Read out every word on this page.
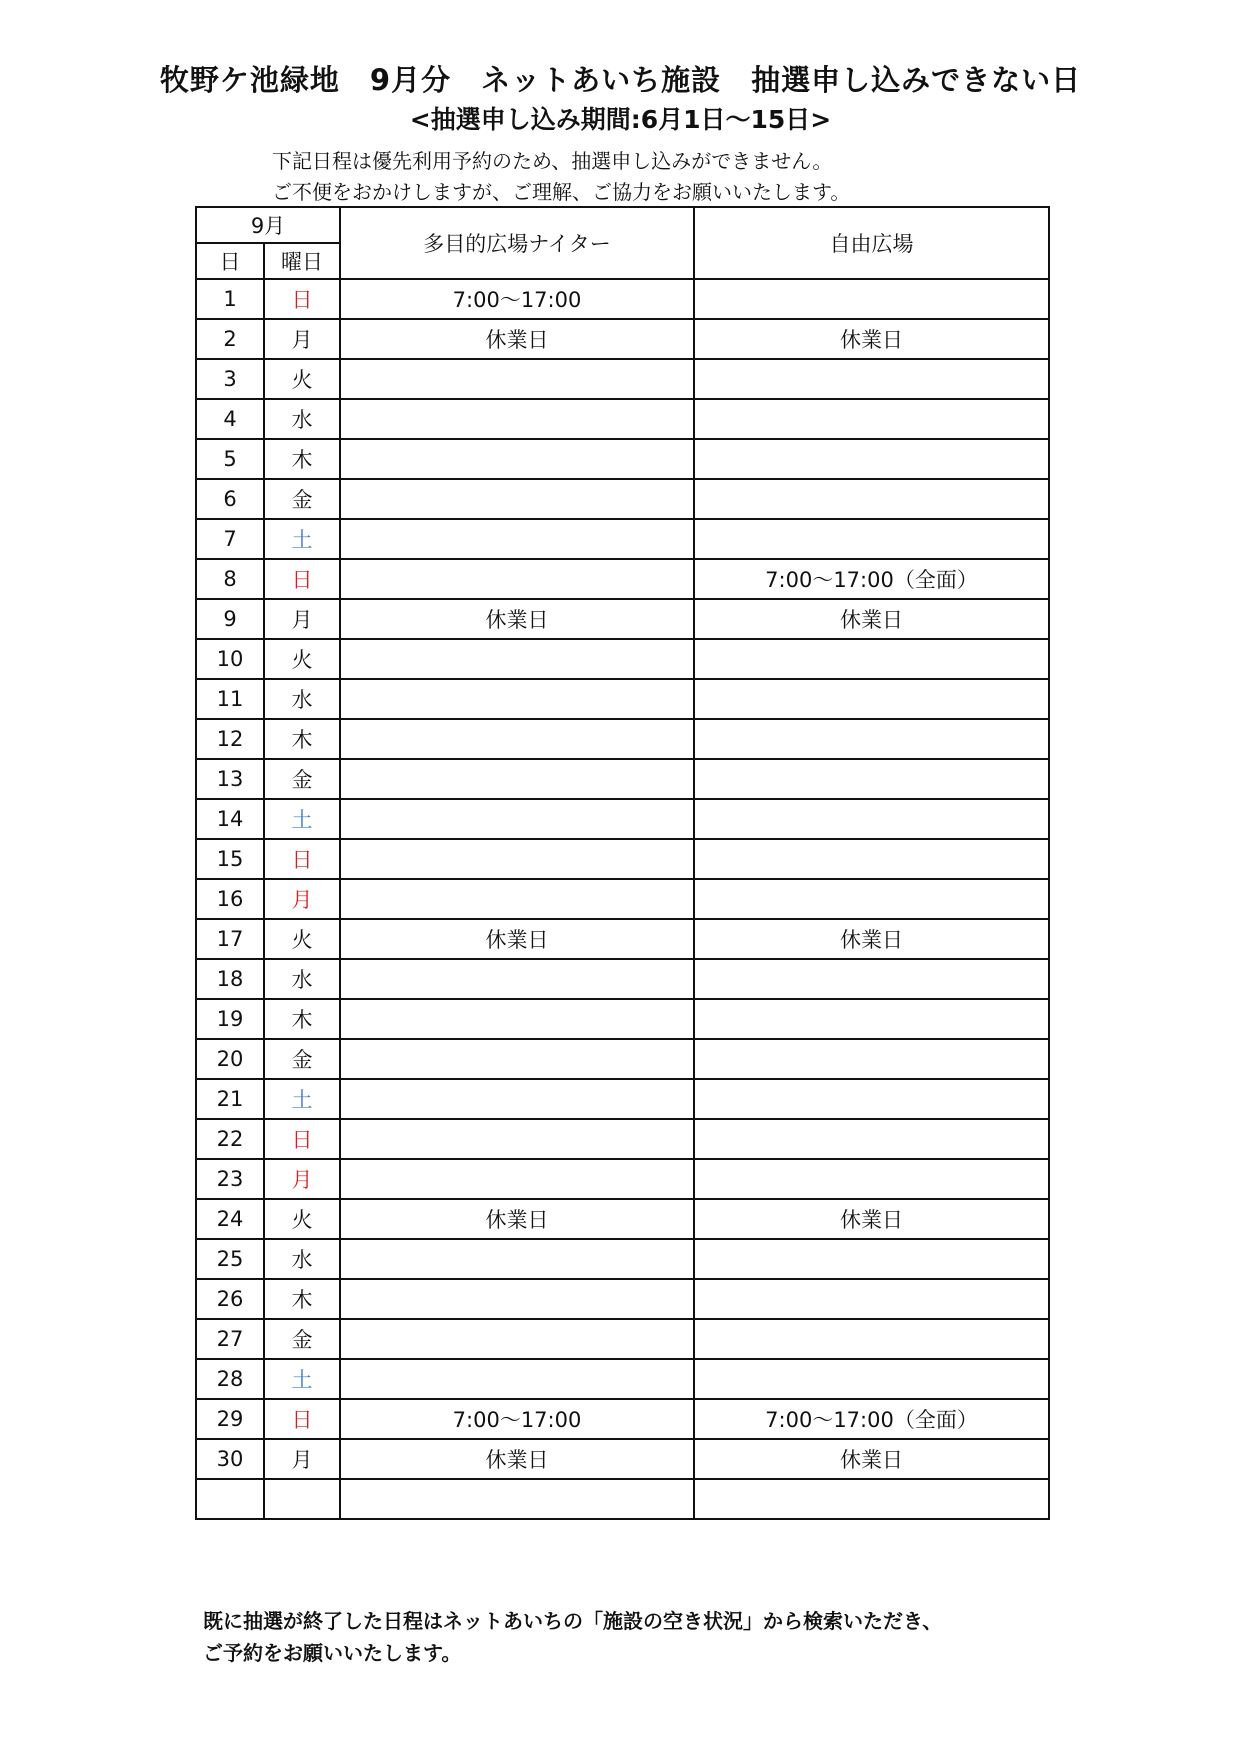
牧野ケ池緑地　9月分　ネットあいち施設　抽選申し込みできない日
<抽選申し込み期間:6月1日～15日>
下記日程は優先利用予約のため、抽選申し込みができません。
ご不便をおかけしますが、ご理解、ご協力をお願いいたします。
9月		多目的広場ナイター	自由広場
日	曜日		
1	日	7:00～17:00	
2	月	休業日	休業日
3	火		
4	水		
5	木		
6	金		
7	土		
8	日		7:00～17:00（全面）
9	月	休業日	休業日
10	火		
11	水		
12	木		
13	金		
14	土		
15	日		
16	月		
17	火	休業日	休業日
18	水		
19	木		
20	金		
21	土		
22	日		
23	月		
24	火	休業日	休業日
25	水		
26	木		
27	金		
28	土		
29	日	7:00～17:00	7:00～17:00（全面）
30	月	休業日	休業日

既に抽選が終了した日程はネットあいちの「施設の空き状況」から検索いただき、
ご予約をお願いいたします。
